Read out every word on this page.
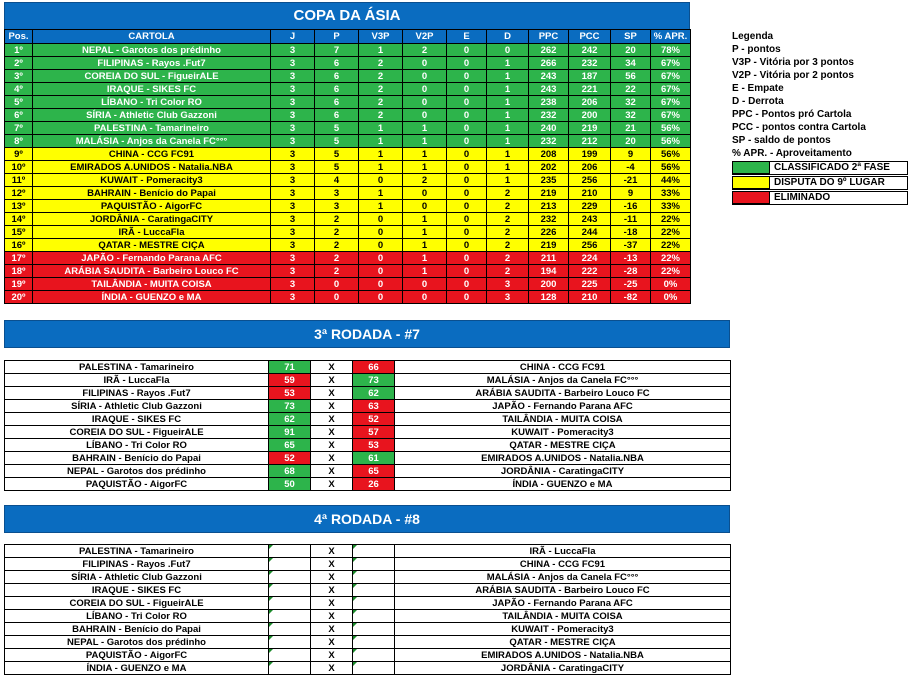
COPA DA ÁSIA
Pos.	CARTOLA	J	P	V3P	V2P	E	D	PPC	PCC	SP	% APR.
1º	NEPAL - Garotos dos prédinho	3	7	1	2	0	0	262	242	20	78%
2º	FILIPINAS - Rayos .Fut7	3	6	2	0	0	1	266	232	34	67%
3º	COREIA DO SUL - FigueirALE	3	6	2	0	0	1	243	187	56	67%
4º	IRAQUE - SIKES FC	3	6	2	0	0	1	243	221	22	67%
5º	LÍBANO - Tri Color RO	3	6	2	0	0	1	238	206	32	67%
6º	SÍRIA - Athletic Club Gazzoni	3	6	2	0	0	1	232	200	32	67%
7º	PALESTINA - Tamarineiro	3	5	1	1	0	1	240	219	21	56%
8º	MALÁSIA - Anjos da Canela FC°°°	3	5	1	1	0	1	232	212	20	56%
9º	CHINA - CCG FC91	3	5	1	1	0	1	208	199	9	56%
10º	EMIRADOS A.UNIDOS - Natalia.NBA	3	5	1	1	0	1	202	206	-4	56%
11º	KUWAIT - Pomeracity3	3	4	0	2	0	1	235	256	-21	44%
12º	BAHRAIN - Benício do Papai	3	3	1	0	0	2	219	210	9	33%
13º	PAQUISTÃO - AigorFC	3	3	1	0	0	2	213	229	-16	33%
14º	JORDÂNIA - CaratingaCITY	3	2	0	1	0	2	232	243	-11	22%
15º	IRÃ - LuccaFla	3	2	0	1	0	2	226	244	-18	22%
16º	QATAR - MESTRE CIÇA	3	2	0	1	0	2	219	256	-37	22%
17º	JAPÃO - Fernando Parana AFC	3	2	0	1	0	2	211	224	-13	22%
18º	ARÁBIA SAUDITA - Barbeiro Louco FC	3	2	0	1	0	2	194	222	-28	22%
19º	TAILÂNDIA - MUITA COISA	3	0	0	0	0	3	200	225	-25	0%
20º	ÍNDIA - GUENZO e MA	3	0	0	0	0	3	128	210	-82	0%
Legenda
P - pontos
V3P - Vitória por 3 pontos
V2P - Vitória por 2 pontos
E - Empate
D - Derrota
PPC - Pontos pró Cartola
PCC - pontos contra Cartola
SP - saldo de pontos
% APR. - Aproveitamento
CLASSIFICADO 2ª FASE
DISPUTA DO 9º LUGAR
ELIMINADO
3ª RODADA - #7
PALESTINA - Tamarineiro	71	X	66	CHINA - CCG FC91
IRÃ - LuccaFla	59	X	73	MALÁSIA - Anjos da Canela FC°°°
FILIPINAS - Rayos .Fut7	53	X	62	ARÁBIA SAUDITA - Barbeiro Louco FC
SÍRIA - Athletic Club Gazzoni	73	X	63	JAPÃO - Fernando Parana AFC
IRAQUE - SIKES FC	62	X	52	TAILÂNDIA - MUITA COISA
COREIA DO SUL - FigueirALE	91	X	57	KUWAIT - Pomeracity3
LÍBANO - Tri Color RO	65	X	53	QATAR - MESTRE CIÇA
BAHRAIN - Benício do Papai	52	X	61	EMIRADOS A.UNIDOS - Natalia.NBA
NEPAL - Garotos dos prédinho	68	X	65	JORDÂNIA - CaratingaCITY
PAQUISTÃO - AigorFC	50	X	26	ÍNDIA - GUENZO e MA
4ª RODADA - #8
PALESTINA - Tamarineiro		X		IRÃ - LuccaFla
FILIPINAS - Rayos .Fut7		X		CHINA - CCG FC91
SÍRIA - Athletic Club Gazzoni		X		MALÁSIA - Anjos da Canela FC°°°
IRAQUE - SIKES FC		X		ARÁBIA SAUDITA - Barbeiro Louco FC
COREIA DO SUL - FigueirALE		X		JAPÃO - Fernando Parana AFC
LÍBANO - Tri Color RO		X		TAILÂNDIA - MUITA COISA
BAHRAIN - Benício do Papai		X		KUWAIT - Pomeracity3
NEPAL - Garotos dos prédinho		X		QATAR - MESTRE CIÇA
PAQUISTÃO - AigorFC		X		EMIRADOS A.UNIDOS - Natalia.NBA
ÍNDIA - GUENZO e MA		X		JORDÂNIA - CaratingaCITY
